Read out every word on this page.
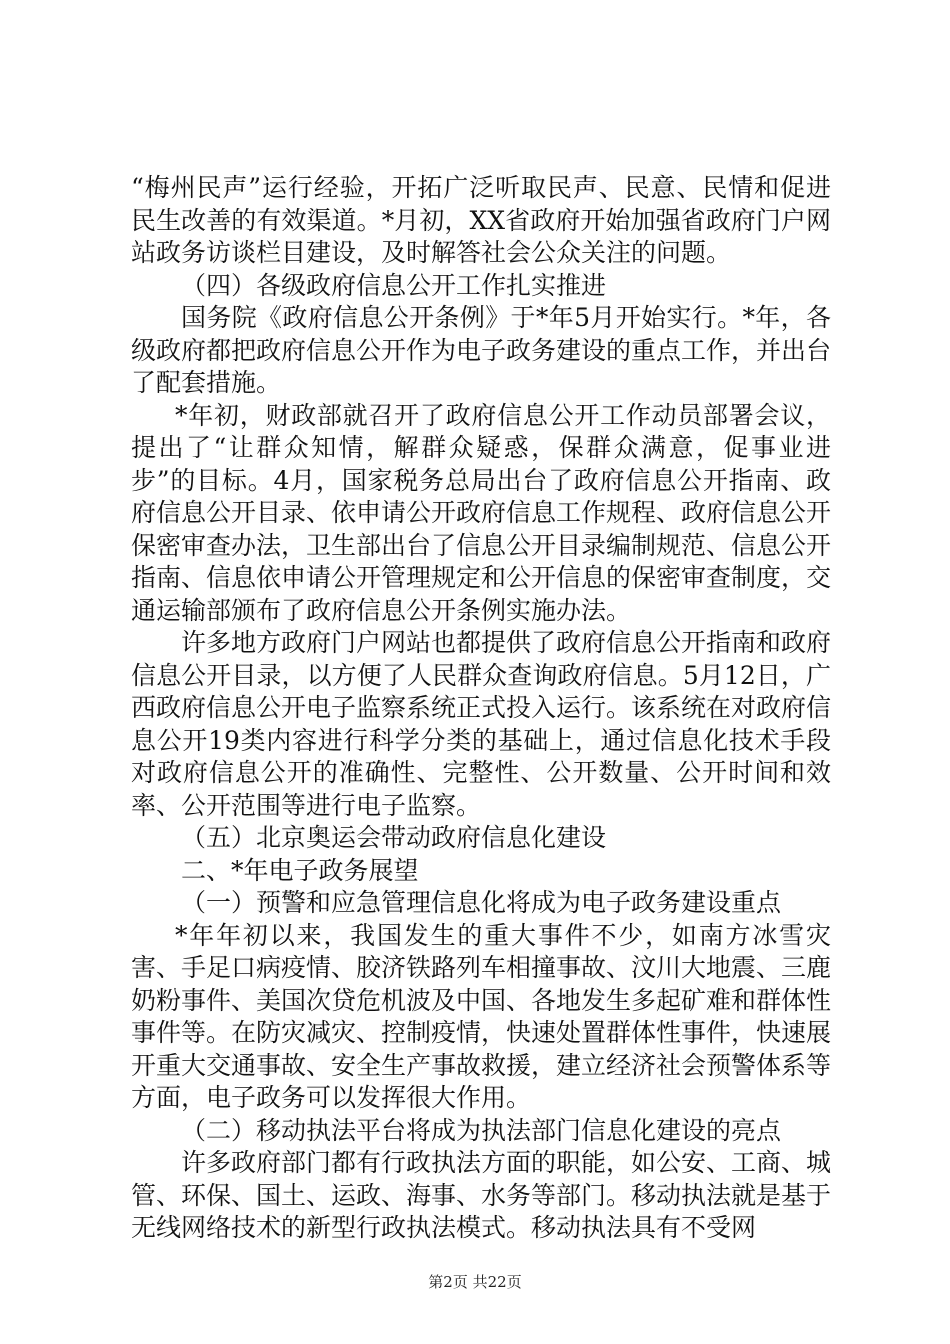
“梅州民声”运行经验，开拓广泛听取民声、民意、民情和促进民生改善的有效渠道。*月初，XX省政府开始加强省政府门户网站政务访谈栏目建设，及时解答社会公众关注的问题。

（四）各级政府信息公开工作扎实推进

国务院《政府信息公开条例》于*年5月开始实行。*年，各级政府都把政府信息公开作为电子政务建设的重点工作，并出台了配套措施。

*年初，财政部就召开了政府信息公开工作动员部署会议，提出了“让群众知情，解群众疑惑，保群众满意，促事业进步”的目标。4月，国家税务总局出台了政府信息公开指南、政府信息公开目录、依申请公开政府信息工作规程、政府信息公开保密审查办法，卫生部出台了信息公开目录编制规范、信息公开指南、信息依申请公开管理规定和公开信息的保密审查制度，交通运输部颁布了政府信息公开条例实施办法。

许多地方政府门户网站也都提供了政府信息公开指南和政府信息公开目录，以方便了人民群众查询政府信息。5月12日，广西政府信息公开电子监察系统正式投入运行。该系统在对政府信息公开19类内容进行科学分类的基础上，通过信息化技术手段对政府信息公开的准确性、完整性、公开数量、公开时间和效率、公开范围等进行电子监察。

（五）北京奥运会带动政府信息化建设

二、*年电子政务展望

（一）预警和应急管理信息化将成为电子政务建设重点

*年年初以来，我国发生的重大事件不少，如南方冰雪灾害、手足口病疫情、胶济铁路列车相撞事故、汶川大地震、三鹿奶粉事件、美国次贷危机波及中国、各地发生多起矿难和群体性事件等。在防灾减灾、控制疫情，快速处置群体性事件，快速展开重大交通事故、安全生产事故救援，建立经济社会预警体系等方面，电子政务可以发挥很大作用。

（二）移动执法平台将成为执法部门信息化建设的亮点

许多政府部门都有行政执法方面的职能，如公安、工商、城管、环保、国土、运政、海事、水务等部门。移动执法就是基于无线网络技术的新型行政执法模式。移动执法具有不受网

第2页 共22页
